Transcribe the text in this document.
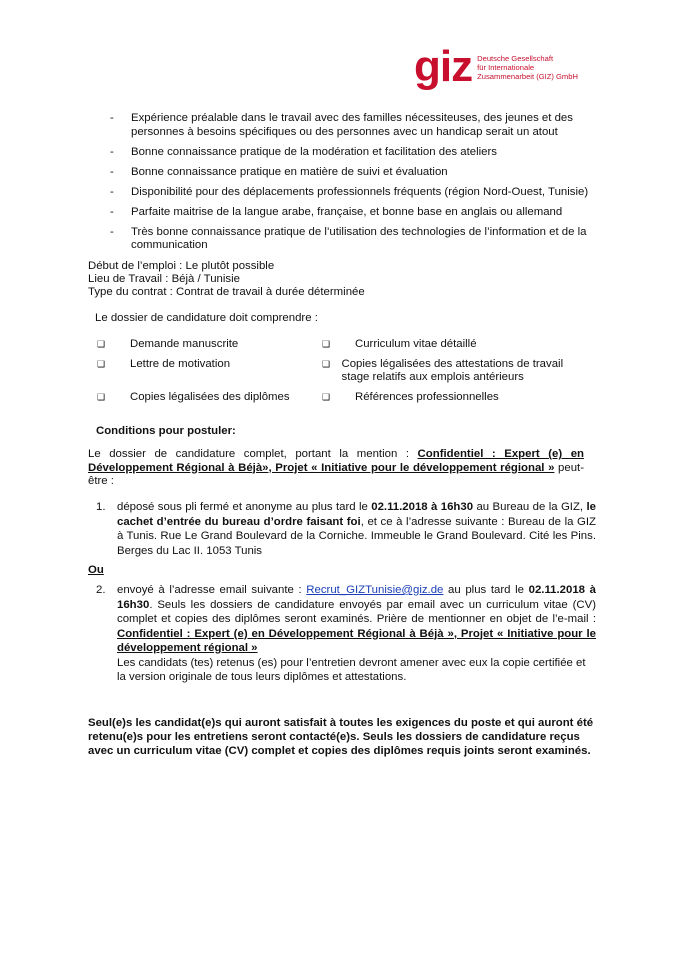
giz Deutsche Gesellschaft
für Internationale
Zusammenarbeit (GIZ) GmbH
- Expérience préalable dans le travail avec des familles nécessiteuses, des jeunes et des personnes à besoins spécifiques ou des personnes avec un handicap serait un atout
- Bonne connaissance pratique de la modération et facilitation des ateliers
- Bonne connaissance pratique en matière de suivi et évaluation
- Disponibilité pour des déplacements professionnels fréquents (région Nord-Ouest, Tunisie)
- Parfaite maitrise de la langue arabe, française, et bonne base en anglais ou allemand
- Très bonne connaissance pratique de l’utilisation des technologies de l’information et de la communication
Début de l’emploi : Le plutôt possible
Lieu de Travail : Béjà / Tunisie
Type du contrat : Contrat de travail à durée déterminée
Le dossier de candidature doit comprendre :
❑	Demande manuscrite	❑	Curriculum vitae détaillé
❑	Lettre de motivation	❑	Copies légalisées des attestations de travail stage relatifs aux emplois antérieurs
❑	Copies légalisées des diplômes	❑	Références professionnelles
Conditions pour postuler:
Le dossier de candidature complet, portant la mention : Confidentiel : Expert (e) en Développement Régional à Béjà», Projet « Initiative pour le développement régional » peut-être :
1.	déposé sous pli fermé et anonyme au plus tard le 02.11.2018 à 16h30 au Bureau de la GIZ, le cachet d’entrée du bureau d’ordre faisant foi, et ce à l’adresse suivante : Bureau de la GIZ à Tunis. Rue Le Grand Boulevard de la Corniche. Immeuble le Grand Boulevard. Cité les Pins. Berges du Lac II. 1053 Tunis
Ou
2.	envoyé à l’adresse email suivante : Recrut_GIZTunisie@giz.de au plus tard le 02.11.2018 à 16h30. Seuls les dossiers de candidature envoyés par email avec un curriculum vitae (CV) complet et copies des diplômes seront examinés. Prière de mentionner en objet de l’e-mail : Confidentiel : Expert (e) en Développement Régional à Béjà », Projet « Initiative pour le développement régional »
Les candidats (tes) retenus (es) pour l’entretien devront amener avec eux la copie certifiée et la version originale de tous leurs diplômes et attestations.
Seul(e)s les candidat(e)s qui auront satisfait à toutes les exigences du poste et qui auront été retenu(e)s pour les entretiens seront contacté(e)s. Seuls les dossiers de candidature reçus avec un curriculum vitae (CV) complet et copies des diplômes requis joints seront examinés.
